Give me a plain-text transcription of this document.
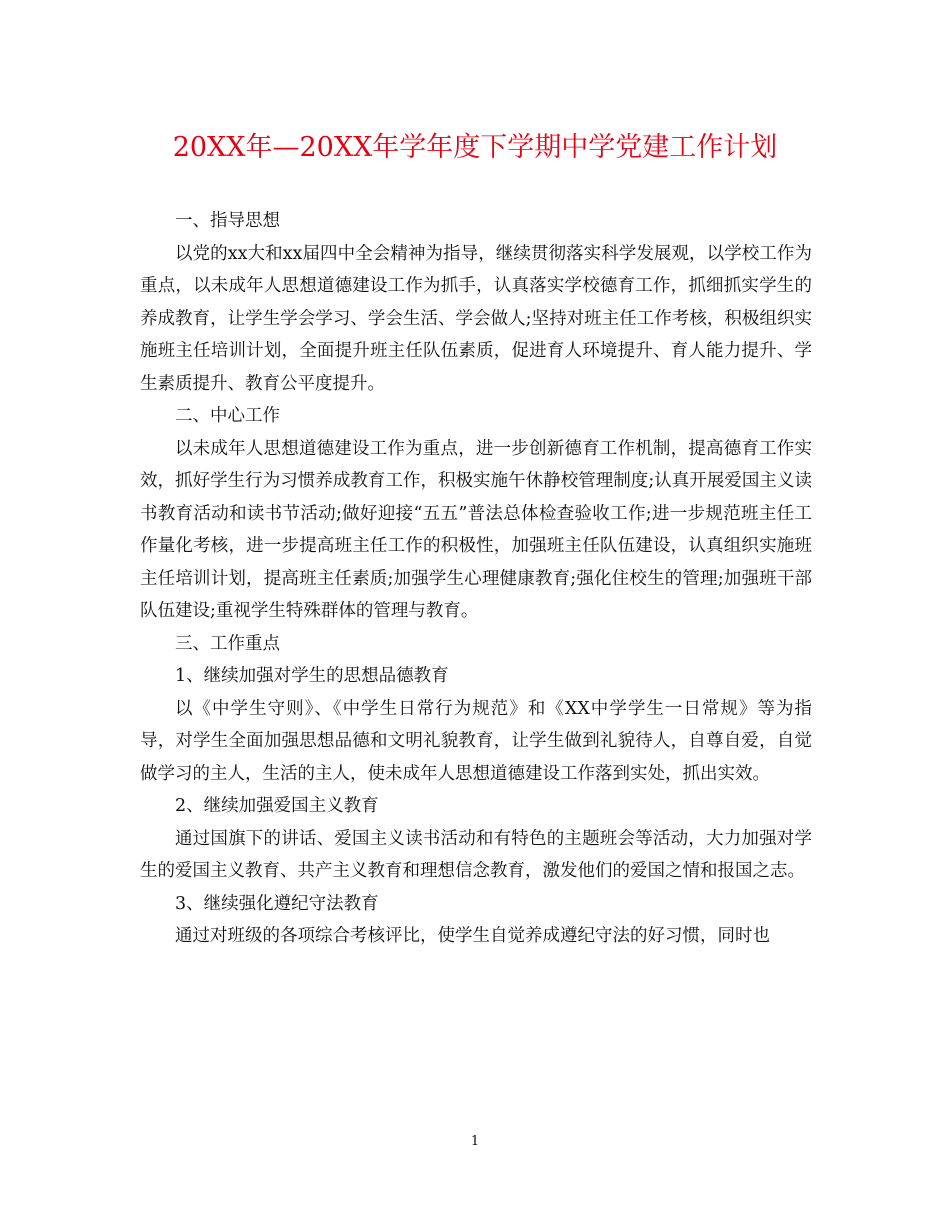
20XX年—20XX年学年度下学期中学党建工作计划

一、指导思想

以党的xx大和xx届四中全会精神为指导，继续贯彻落实科学发展观，以学校工作为重点，以未成年人思想道德建设工作为抓手，认真落实学校德育工作，抓细抓实学生的养成教育，让学生学会学习、学会生活、学会做人;坚持对班主任工作考核，积极组织实施班主任培训计划，全面提升班主任队伍素质，促进育人环境提升、育人能力提升、学生素质提升、教育公平度提升。

二、中心工作

以未成年人思想道德建设工作为重点，进一步创新德育工作机制，提高德育工作实效，抓好学生行为习惯养成教育工作，积极实施午休静校管理制度;认真开展爱国主义读书教育活动和读书节活动;做好迎接“五五”普法总体检查验收工作;进一步规范班主任工作量化考核，进一步提高班主任工作的积极性，加强班主任队伍建设，认真组织实施班主任培训计划，提高班主任素质;加强学生心理健康教育;强化住校生的管理;加强班干部队伍建设;重视学生特殊群体的管理与教育。

三、工作重点

1、继续加强对学生的思想品德教育

以《中学生守则》、《中学生日常行为规范》和《XX中学学生一日常规》等为指导，对学生全面加强思想品德和文明礼貌教育，让学生做到礼貌待人，自尊自爱，自觉做学习的主人，生活的主人，使未成年人思想道德建设工作落到实处，抓出实效。

2、继续加强爱国主义教育

通过国旗下的讲话、爱国主义读书活动和有特色的主题班会等活动，大力加强对学生的爱国主义教育、共产主义教育和理想信念教育，激发他们的爱国之情和报国之志。

3、继续强化遵纪守法教育

通过对班级的各项综合考核评比，使学生自觉养成遵纪守法的好习惯，同时也

1
